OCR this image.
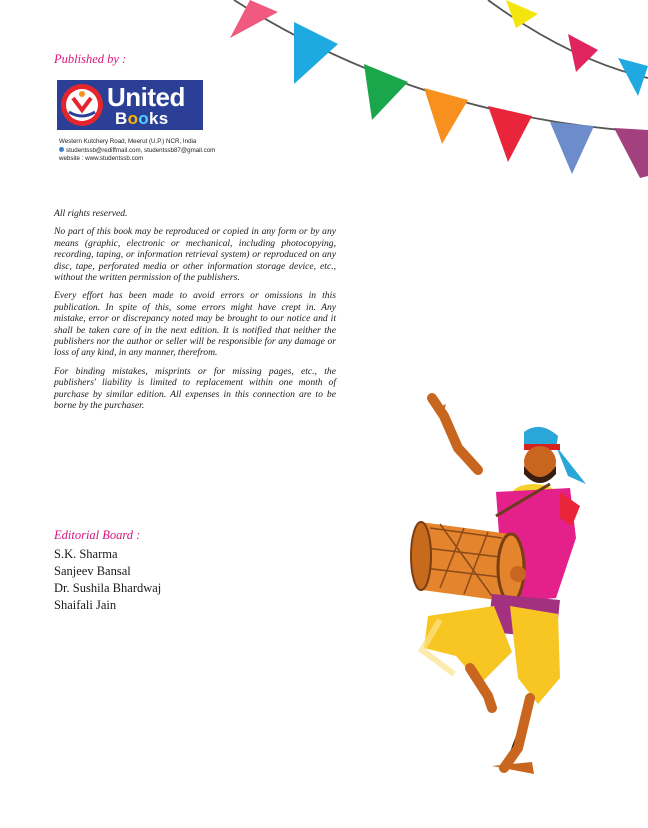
Published by :
United
Books
Western Kutchery Road, Meerut (U.P.) NCR, India
studentssb@rediffmail.com, studentssb87@gmail.com
website : www.studentssb.com

All rights reserved.

No part of this book may be reproduced or copied in any form or by any means (graphic, electronic or mechanical, including photocopying, recording, taping, or information retrieval system) or reproduced on any disc, tape, perforated media or other information storage device, etc., without the written permission of the publishers.

Every effort has been made to avoid errors or omissions in this publication. In spite of this, some errors might have crept in. Any mistake, error or discrepancy noted may be brought to our notice and it shall be taken care of in the next edition. It is notified that neither the publishers nor the author or seller will be responsible for any damage or loss of any kind, in any manner, therefrom.

For binding mistakes, misprints or for missing pages, etc., the publishers' liability is limited to replacement within one month of purchase by similar edition. All expenses in this connection are to be borne by the purchaser.

Editorial Board :
S.K. Sharma
Sanjeev Bansal
Dr. Sushila Bhardwaj
Shaifali Jain
